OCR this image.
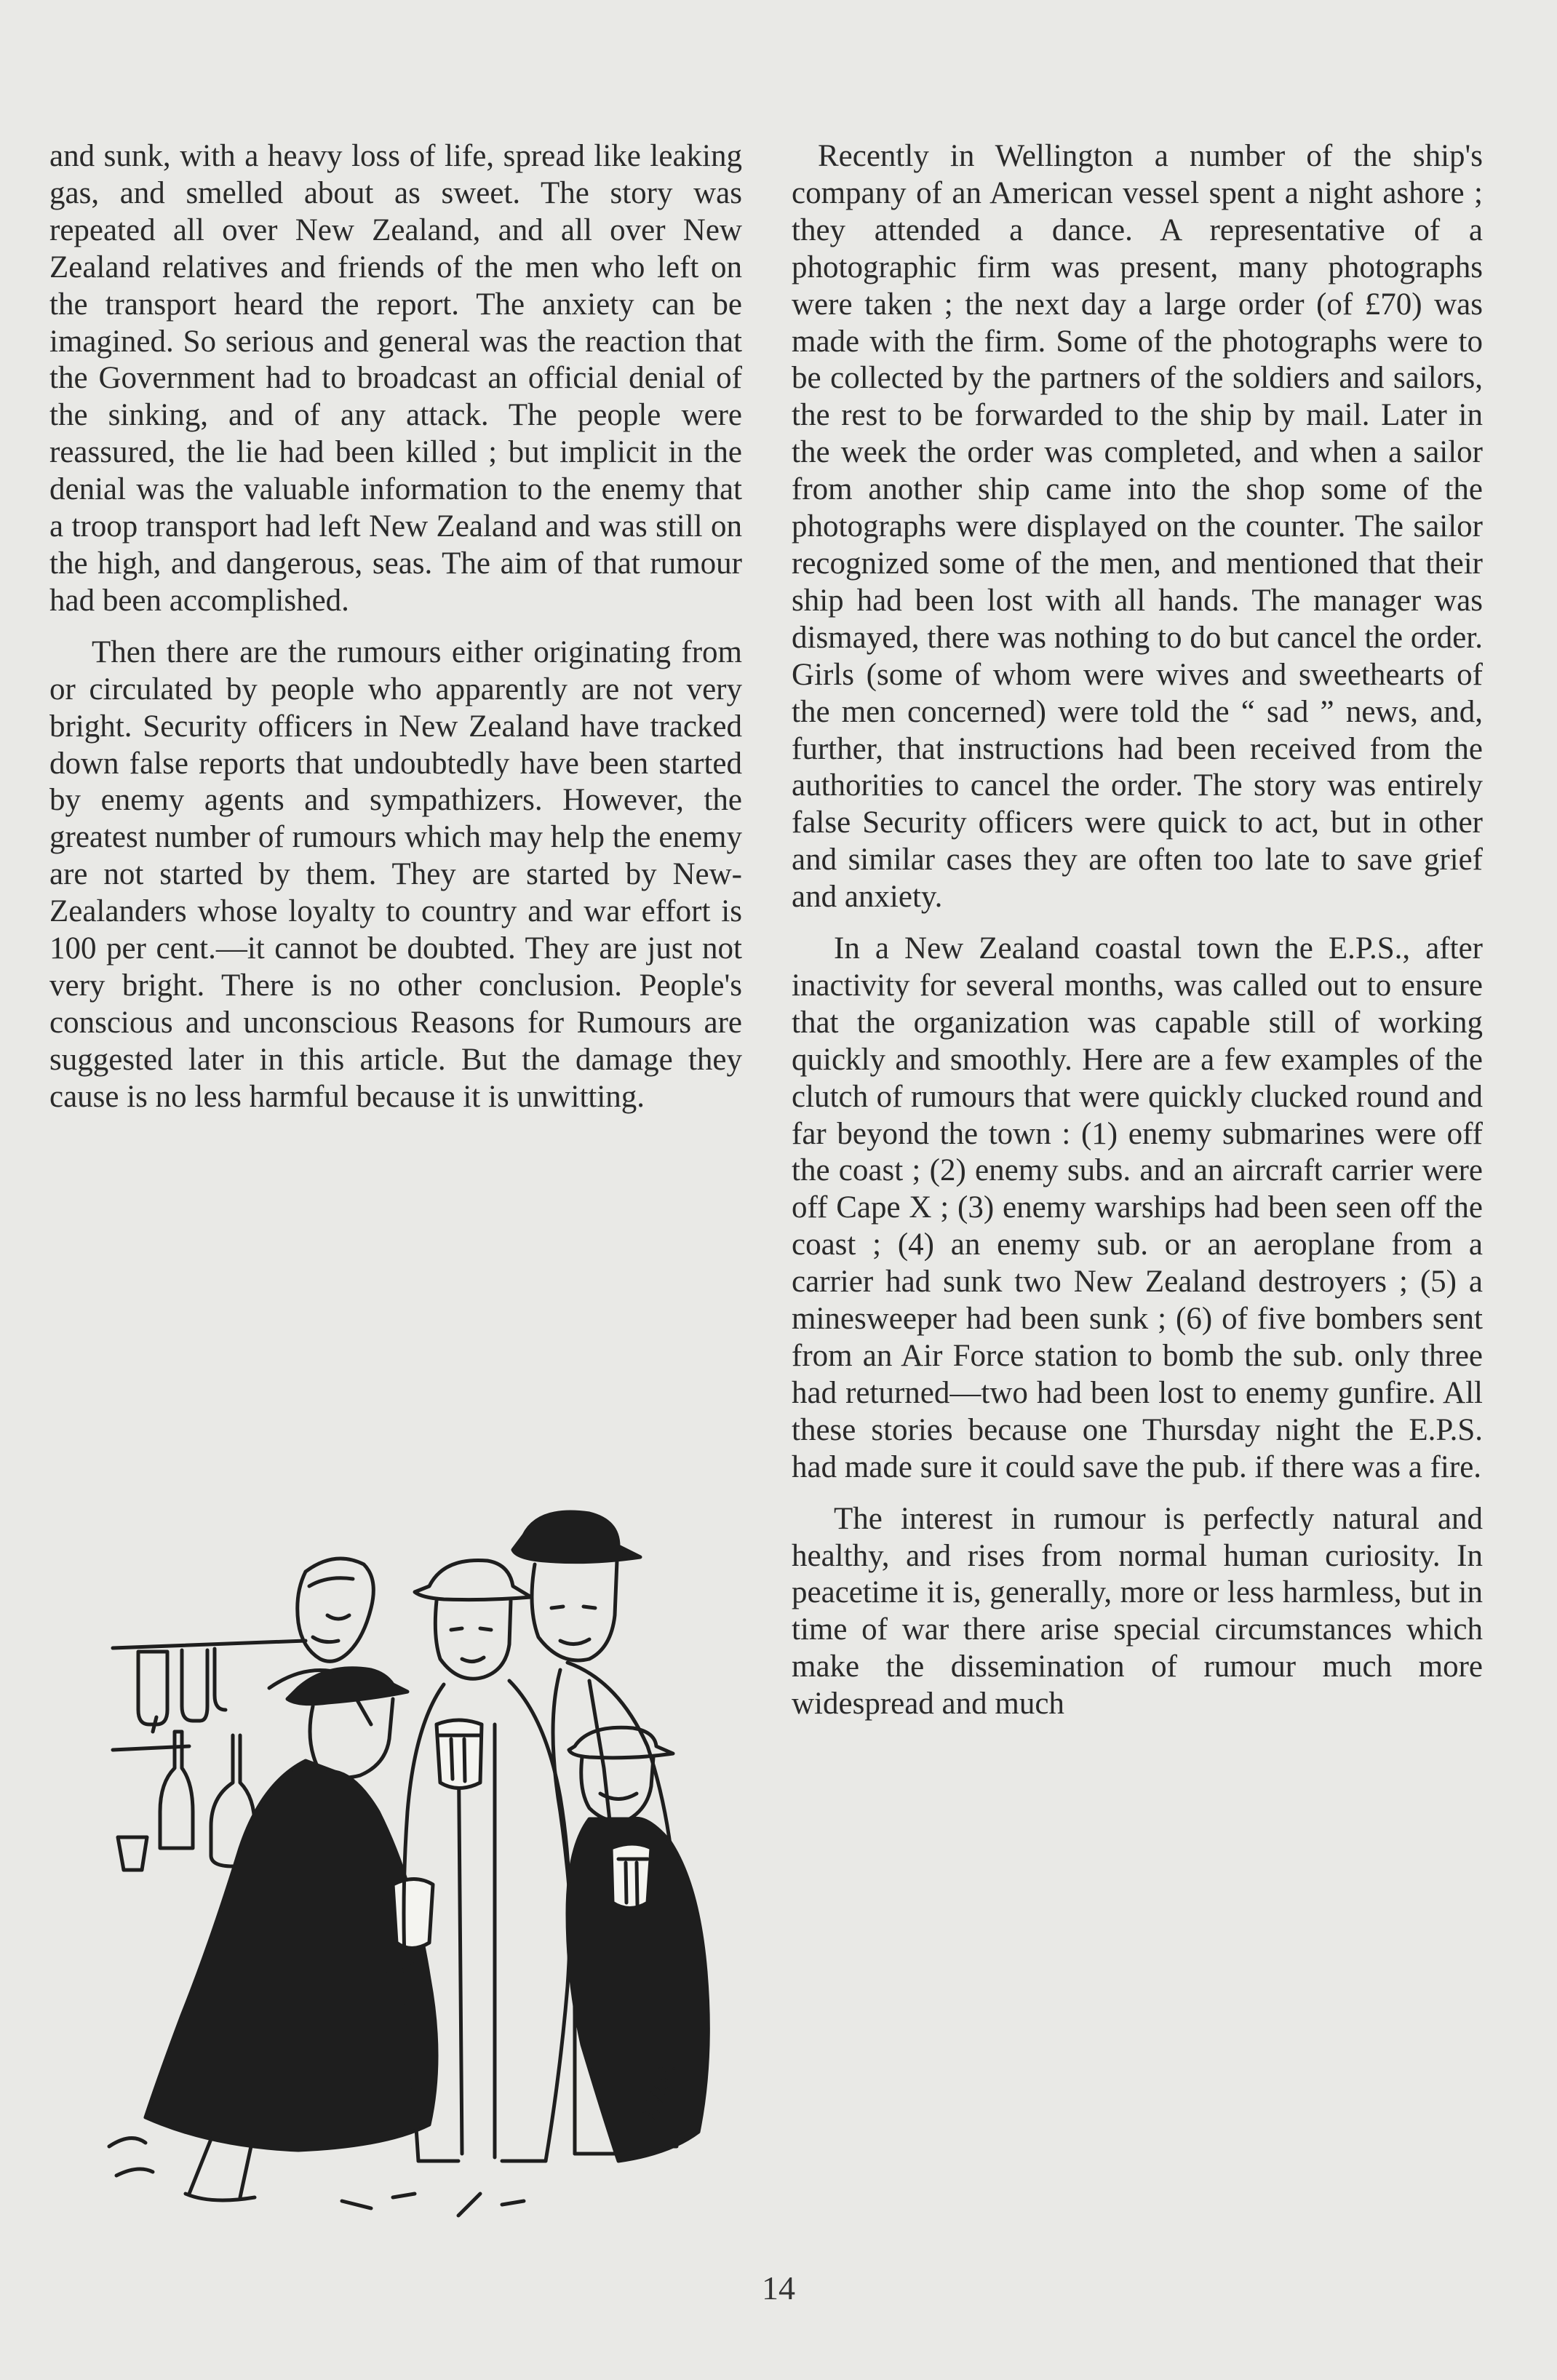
and sunk, with a heavy loss of life, spread like leaking gas, and smelled about as sweet. The story was repeated all over New Zealand, and all over New Zealand relatives and friends of the men who left on the transport heard the report. The anxiety can be imagined. So serious and general was the reaction that the Government had to broadcast an official denial of the sinking, and of any attack. The people were reassured, the lie had been killed ; but implicit in the denial was the valuable information to the enemy that a troop transport had left New Zealand and was still on the high, and dangerous, seas. The aim of that rumour had been accomplished.

Then there are the rumours either originating from or circulated by people who apparently are not very bright. Security officers in New Zealand have tracked down false reports that undoubtedly have been started by enemy agents and sympathizers. However, the greatest number of rumours which may help the enemy are not started by them. They are started by New-Zealanders whose loyalty to country and war effort is 100 per cent.—it cannot be doubted. They are just not very bright. There is no other conclusion. People's conscious and unconscious Reasons for Rumours are suggested later in this article. But the damage they cause is no less harmful because it is unwitting.

Recently in Wellington a number of the ship's company of an American vessel spent a night ashore ; they attended a dance. A representative of a photographic firm was present, many photographs were taken ; the next day a large order (of £70) was made with the firm. Some of the photographs were to be collected by the partners of the soldiers and sailors, the rest to be forwarded to the ship by mail. Later in the week the order was completed, and when a sailor from another ship came into the shop some of the photographs were displayed on the counter. The sailor recognized some of the men, and mentioned that their ship had been lost with all hands. The manager was dismayed, there was nothing to do but cancel the order. Girls (some of whom were wives and sweethearts of the men concerned) were told the “ sad ” news, and, further, that instructions had been received from the authorities to cancel the order. The story was entirely false Security officers were quick to act, but in other and similar cases they are often too late to save grief and anxiety.

In a New Zealand coastal town the E.P.S., after inactivity for several months, was called out to ensure that the organization was capable still of working quickly and smoothly. Here are a few examples of the clutch of rumours that were quickly clucked round and far beyond the town : (1) enemy submarines were off the coast ; (2) enemy subs. and an aircraft carrier were off Cape X ; (3) enemy warships had been seen off the coast ; (4) an enemy sub. or an aeroplane from a carrier had sunk two New Zealand destroyers ; (5) a minesweeper had been sunk ; (6) of five bombers sent from an Air Force station to bomb the sub. only three had returned—two had been lost to enemy gunfire. All these stories because one Thursday night the E.P.S. had made sure it could save the pub. if there was a fire.

The interest in rumour is perfectly natural and healthy, and rises from normal human curiosity. In peacetime it is, generally, more or less harmless, but in time of war there arise special circumstances which make the dissemination of rumour much more widespread and much

J.W.B.
14
